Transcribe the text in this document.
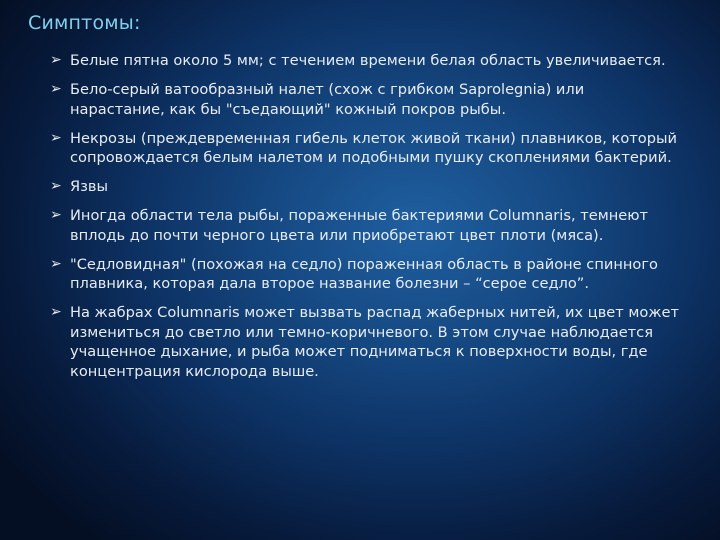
Симптомы:
➢ Белые пятна около 5 мм; с течением времени белая область увеличивается.
➢ Бело-серый ватообразный налет (схож с грибком Saprolegnia) или нарастание, как бы "съедающий" кожный покров рыбы.
➢ Некрозы (преждевременная гибель клеток живой ткани) плавников, который сопровождается белым налетом и подобными пушку скоплениями бактерий.
➢ Язвы
➢ Иногда области тела рыбы, пораженные бактериями Columnaris, темнеют вплодь до почти черного цвета или приобретают цвет плоти (мяса).
➢ "Седловидная" (похожая на седло) пораженная область в районе спинного плавника, которая дала второе название болезни – “серое седло”.
➢ На жабрах Columnaris может вызвать распад жаберных нитей, их цвет может измениться до светло или темно-коричневого. В этом случае наблюдается учащенное дыхание, и рыба может подниматься к поверхности воды, где концентрация кислорода выше.
